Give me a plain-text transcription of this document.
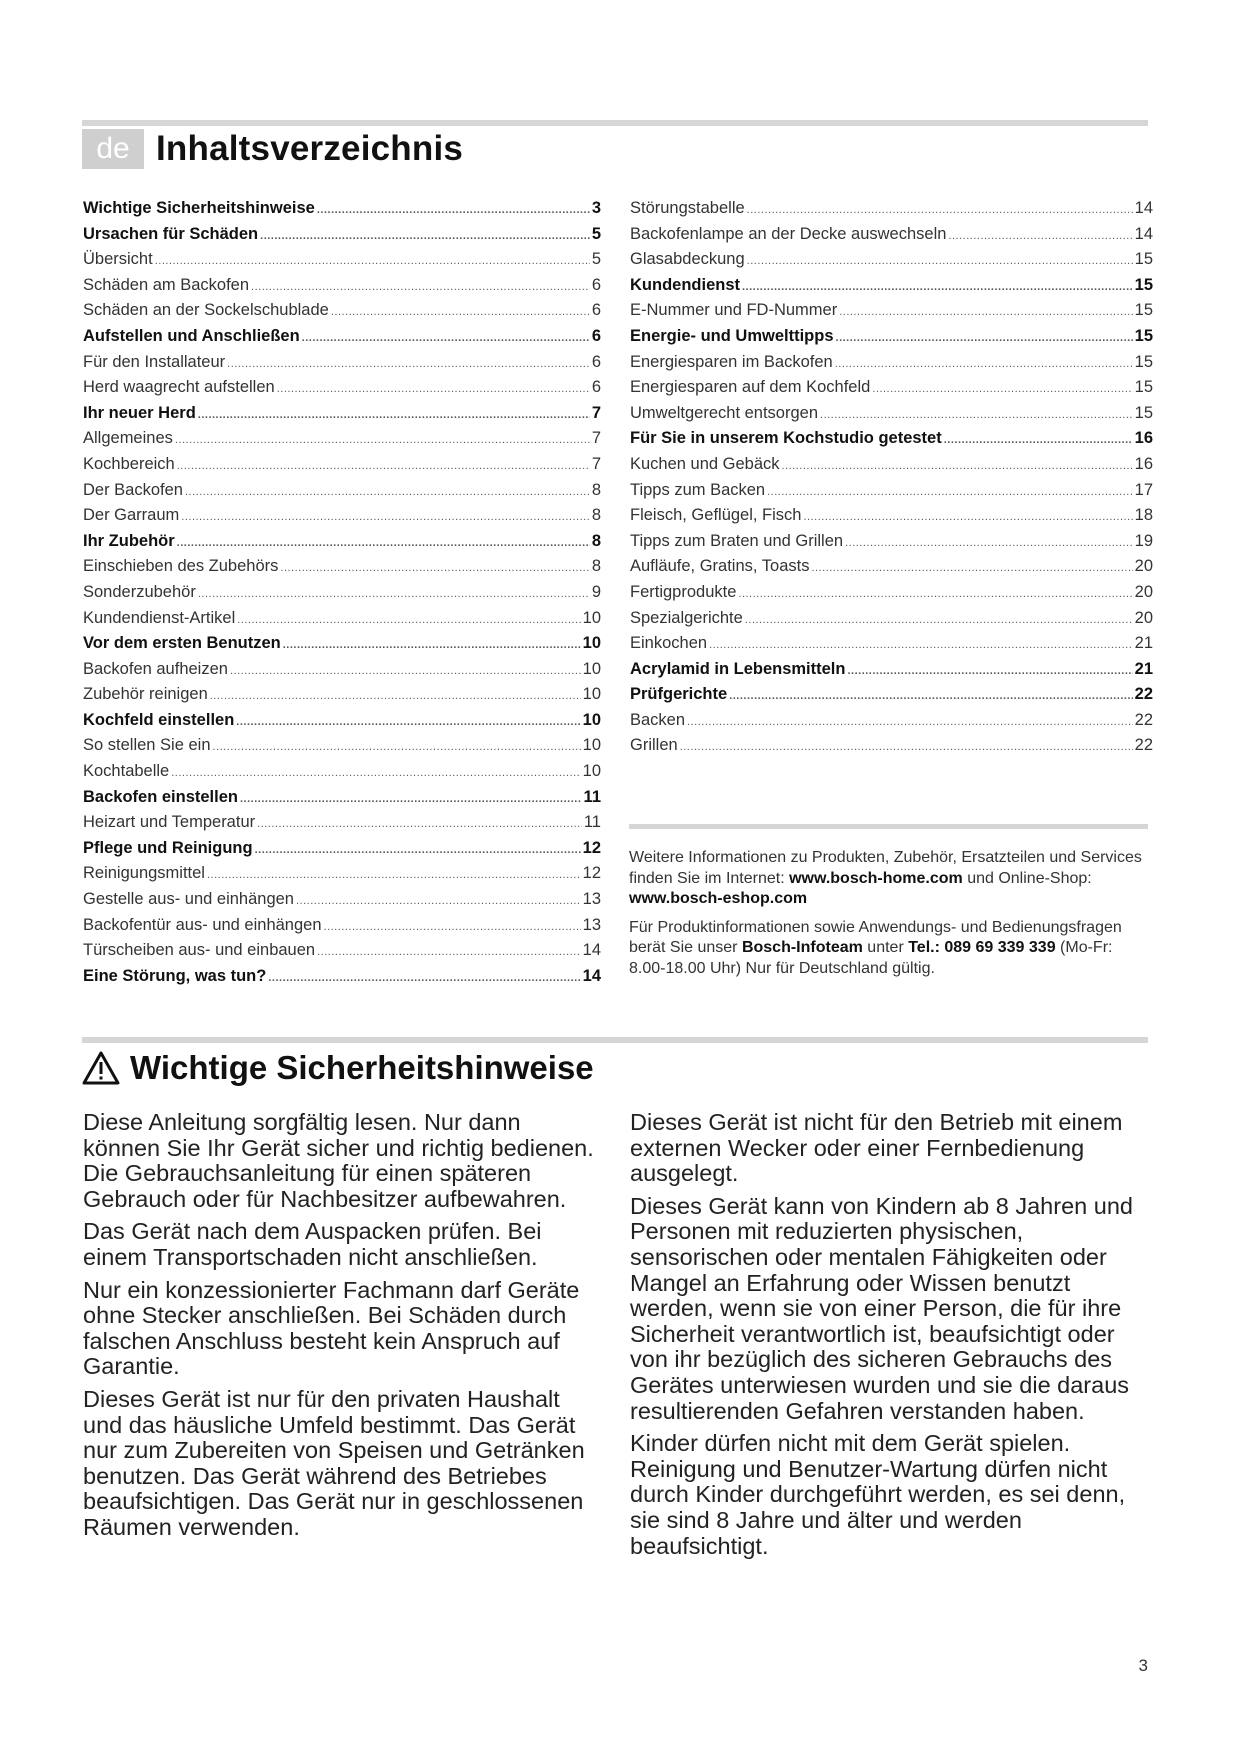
de Inhaltsverzeichnis
Wichtige Sicherheitshinweise .....	3
Ursachen für Schäden .....	5
Übersicht .....	5
Schäden am Backofen .....	6
Schäden an der Sockelschublade .....	6
Aufstellen und Anschließen .....	6
Für den Installateur .....	6
Herd waagrecht aufstellen .....	6
Ihr neuer Herd .....	7
Allgemeines .....	7
Kochbereich .....	7
Der Backofen .....	8
Der Garraum .....	8
Ihr Zubehör .....	8
Einschieben des Zubehörs .....	8
Sonderzubehör .....	9
Kundendienst-Artikel .....	10
Vor dem ersten Benutzen .....	10
Backofen aufheizen .....	10
Zubehör reinigen .....	10
Kochfeld einstellen .....	10
So stellen Sie ein .....	10
Kochtabelle .....	10
Backofen einstellen .....	11
Heizart und Temperatur .....	11
Pflege und Reinigung .....	12
Reinigungsmittel .....	12
Gestelle aus- und einhängen .....	13
Backofentür aus- und einhängen .....	13
Türscheiben aus- und einbauen .....	14
Eine Störung, was tun? .....	14
Störungstabelle .....	14
Backofenlampe an der Decke auswechseln .....	14
Glasabdeckung .....	15
Kundendienst .....	15
E-Nummer und FD-Nummer .....	15
Energie- und Umwelttipps .....	15
Energiesparen im Backofen .....	15
Energiesparen auf dem Kochfeld .....	15
Umweltgerecht entsorgen .....	15
Für Sie in unserem Kochstudio getestet .....	16
Kuchen und Gebäck .....	16
Tipps zum Backen .....	17
Fleisch, Geflügel, Fisch .....	18
Tipps zum Braten und Grillen .....	19
Aufläufe, Gratins, Toasts .....	20
Fertigprodukte .....	20
Spezialgerichte .....	20
Einkochen .....	21
Acrylamid in Lebensmitteln .....	21
Prüfgerichte .....	22
Backen .....	22
Grillen .....	22

Weitere Informationen zu Produkten, Zubehör, Ersatzteilen und Services finden Sie im Internet: www.bosch-home.com und Online-Shop: www.bosch-eshop.com

Für Produktinformationen sowie Anwendungs- und Bedienungsfragen berät Sie unser Bosch-Infoteam unter Tel.: 089 69 339 339 (Mo-Fr: 8.00-18.00 Uhr) Nur für Deutschland gültig.

Wichtige Sicherheitshinweise

Diese Anleitung sorgfältig lesen. Nur dann können Sie Ihr Gerät sicher und richtig bedienen. Die Gebrauchsanleitung für einen späteren Gebrauch oder für Nachbesitzer aufbewahren.

Das Gerät nach dem Auspacken prüfen. Bei einem Transportschaden nicht anschließen.

Nur ein konzessionierter Fachmann darf Geräte ohne Stecker anschließen. Bei Schäden durch falschen Anschluss besteht kein Anspruch auf Garantie.

Dieses Gerät ist nur für den privaten Haushalt und das häusliche Umfeld bestimmt. Das Gerät nur zum Zubereiten von Speisen und Getränken benutzen. Das Gerät während des Betriebes beaufsichtigen. Das Gerät nur in geschlossenen Räumen verwenden.

Dieses Gerät ist nicht für den Betrieb mit einem externen Wecker oder einer Fernbedienung ausgelegt.

Dieses Gerät kann von Kindern ab 8 Jahren und Personen mit reduzierten physischen, sensorischen oder mentalen Fähigkeiten oder Mangel an Erfahrung oder Wissen benutzt werden, wenn sie von einer Person, die für ihre Sicherheit verantwortlich ist, beaufsichtigt oder von ihr bezüglich des sicheren Gebrauchs des Gerätes unterwiesen wurden und sie die daraus resultierenden Gefahren verstanden haben.

Kinder dürfen nicht mit dem Gerät spielen. Reinigung und Benutzer-Wartung dürfen nicht durch Kinder durchgeführt werden, es sei denn, sie sind 8 Jahre und älter und werden beaufsichtigt.

3
